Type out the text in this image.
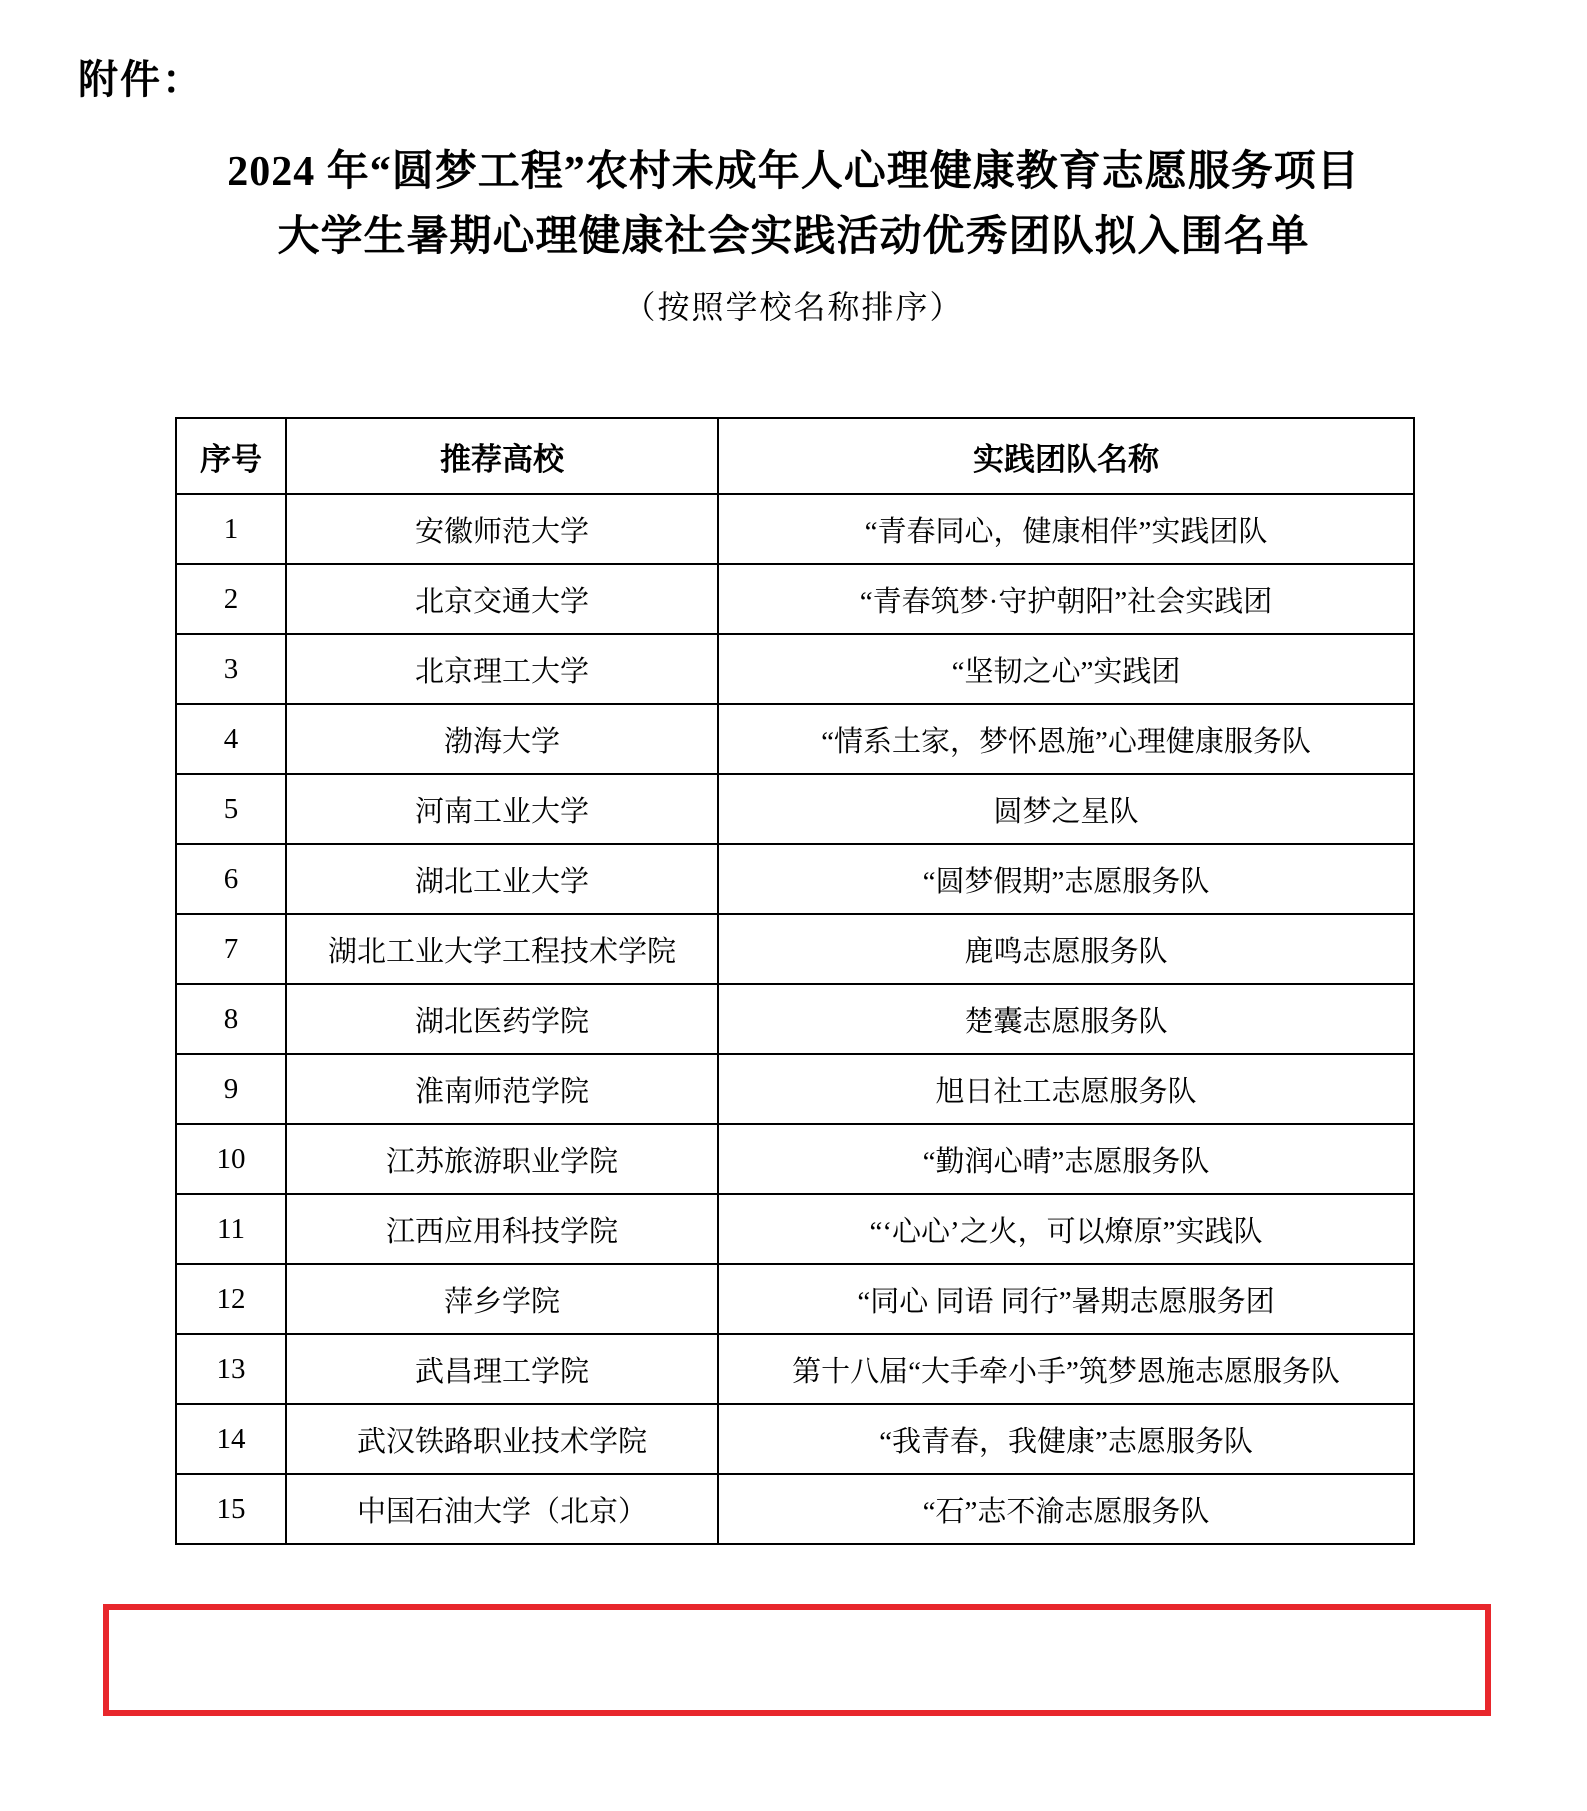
附件：
2024 年“圆梦工程”农村未成年人心理健康教育志愿服务项目
大学生暑期心理健康社会实践活动优秀团队拟入围名单
（按照学校名称排序）
序号	推荐高校	实践团队名称
1	安徽师范大学	“青春同心，健康相伴”实践团队
2	北京交通大学	“青春筑梦·守护朝阳”社会实践团
3	北京理工大学	“坚韧之心”实践团
4	渤海大学	“情系土家，梦怀恩施”心理健康服务队
5	河南工业大学	圆梦之星队
6	湖北工业大学	“圆梦假期”志愿服务队
7	湖北工业大学工程技术学院	鹿鸣志愿服务队
8	湖北医药学院	楚囊志愿服务队
9	淮南师范学院	旭日社工志愿服务队
10	江苏旅游职业学院	“勤润心晴”志愿服务队
11	江西应用科技学院	“‘心心’之火，可以燎原”实践队
12	萍乡学院	“同心 同语 同行”暑期志愿服务团
13	武昌理工学院	第十八届“大手牵小手”筑梦恩施志愿服务队
14	武汉铁路职业技术学院	“我青春，我健康”志愿服务队
15	中国石油大学（北京）	“石”志不渝志愿服务队
